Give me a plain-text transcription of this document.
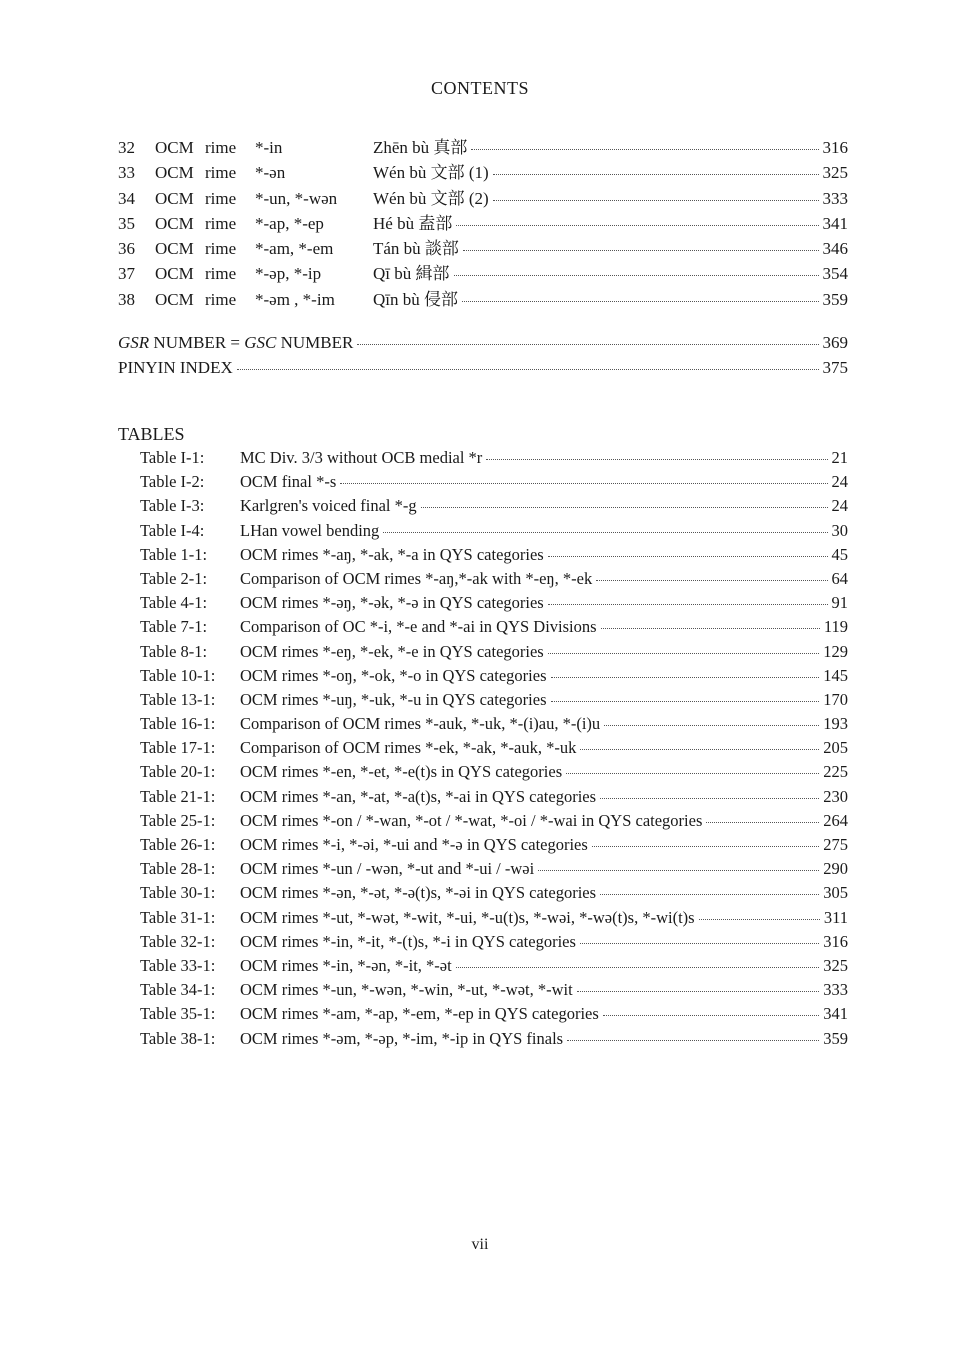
CONTENTS
32	OCM rime	*-in	Zhēn bù 真部	316
33	OCM rime	*-ən	Wén bù 文部 (1)	325
34	OCM rime	*-un, *-wən	Wén bù 文部 (2)	333
35	OCM rime	*-ap, *-ep	Hé bù 盍部	341
36	OCM rime	*-am, *-em	Tán bù 談部	346
37	OCM rime	*-əp, *-ip	Qī bù 緝部	354
38	OCM rime	*-əm , *-im	Qīn bù 侵部	359
GSR NUMBER = GSC NUMBER	369
PINYIN INDEX	375
TABLES
Table I-1:	MC Div. 3/3 without OCB medial *r	21
Table I-2:	OCM final *-s	24
Table I-3:	Karlgren's voiced final *-g	24
Table I-4:	LHan vowel bending	30
Table 1-1:	OCM rimes *-aŋ, *-ak, *-a in QYS categories	45
Table 2-1:	Comparison of OCM rimes *-aŋ,*-ak with *-eŋ, *-ek	64
Table 4-1:	OCM rimes *-əŋ, *-ək, *-ə in QYS categories	91
Table 7-1:	Comparison of OC *-i, *-e and *-ai in QYS Divisions	119
Table 8-1:	OCM rimes *-eŋ, *-ek, *-e in QYS categories	129
Table 10-1:	OCM rimes *-oŋ, *-ok, *-o in QYS categories	145
Table 13-1:	OCM rimes *-uŋ, *-uk, *-u in QYS categories	170
Table 16-1:	Comparison of OCM rimes *-auk, *-uk, *-(i)au, *-(i)u	193
Table 17-1:	Comparison of OCM rimes *-ek, *-ak, *-auk, *-uk	205
Table 20-1:	OCM rimes *-en, *-et, *-e(t)s in QYS categories	225
Table 21-1:	OCM rimes *-an, *-at, *-a(t)s, *-ai in QYS categories	230
Table 25-1:	OCM rimes *-on / *-wan, *-ot / *-wat, *-oi / *-wai in QYS categories	264
Table 26-1:	OCM rimes *-i, *-əi, *-ui and *-ə in QYS categories	275
Table 28-1:	OCM rimes *-un / -wən, *-ut and *-ui / -wəi	290
Table 30-1:	OCM rimes *-ən, *-ət, *-ə(t)s, *-əi in QYS categories	305
Table 31-1:	OCM rimes *-ut, *-wət, *-wit, *-ui, *-u(t)s, *-wəi, *-wə(t)s, *-wi(t)s	311
Table 32-1:	OCM rimes *-in, *-it, *-(t)s, *-i in QYS categories	316
Table 33-1:	OCM rimes *-in, *-ən, *-it, *-ət	325
Table 34-1:	OCM rimes *-un, *-wən, *-win, *-ut, *-wət, *-wit	333
Table 35-1:	OCM rimes *-am, *-ap, *-em, *-ep in QYS categories	341
Table 38-1:	OCM rimes *-əm, *-əp, *-im, *-ip in QYS finals	359
vii
